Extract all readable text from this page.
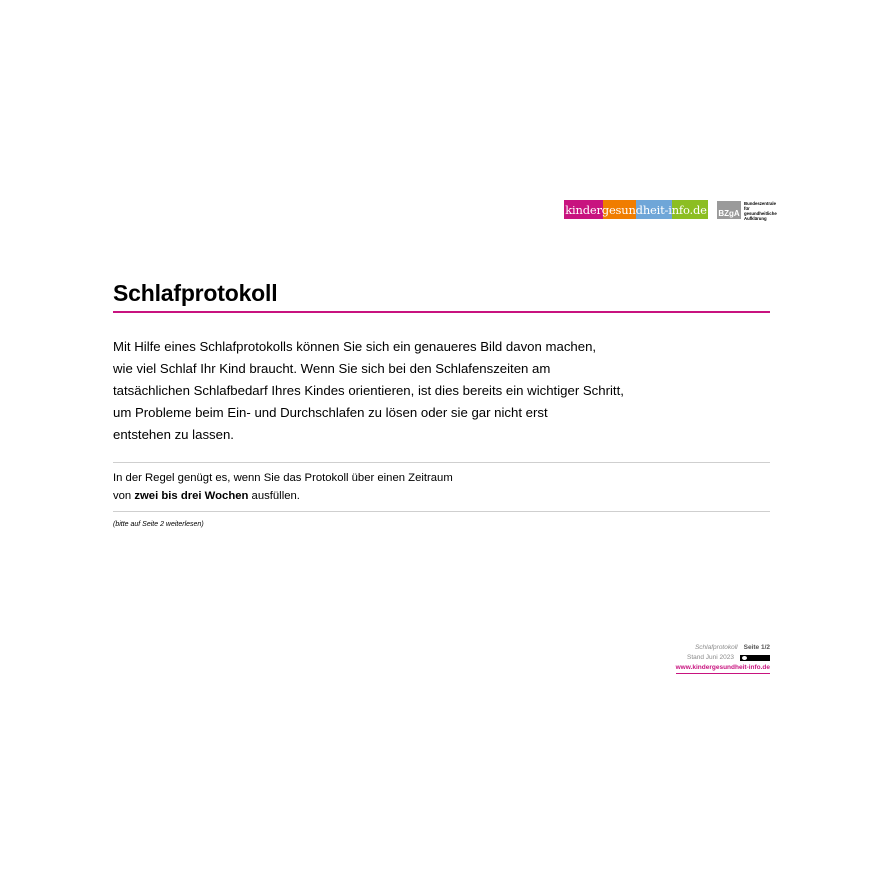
kindergesundheit-info.de BZgA
Bundeszentrale
für
gesundheitliche
Aufklärung
Schlafprotokoll
Mit Hilfe eines Schlafprotokolls können Sie sich ein genaueres Bild davon machen,
wie viel Schlaf Ihr Kind braucht. Wenn Sie sich bei den Schlafenszeiten am
tatsächlichen Schlafbedarf Ihres Kindes orientieren, ist dies bereits ein wichtiger Schritt,
um Probleme beim Ein- und Durchschlafen zu lösen oder sie gar nicht erst
entstehen zu lassen.
In der Regel genügt es, wenn Sie das Protokoll über einen Zeitraum
von zwei bis drei Wochen ausfüllen.
(bitte auf Seite 2 weiterlesen)
Schlafprotokoll Seite 1/2
Stand Juni 2023
www.kindergesundheit-info.de
